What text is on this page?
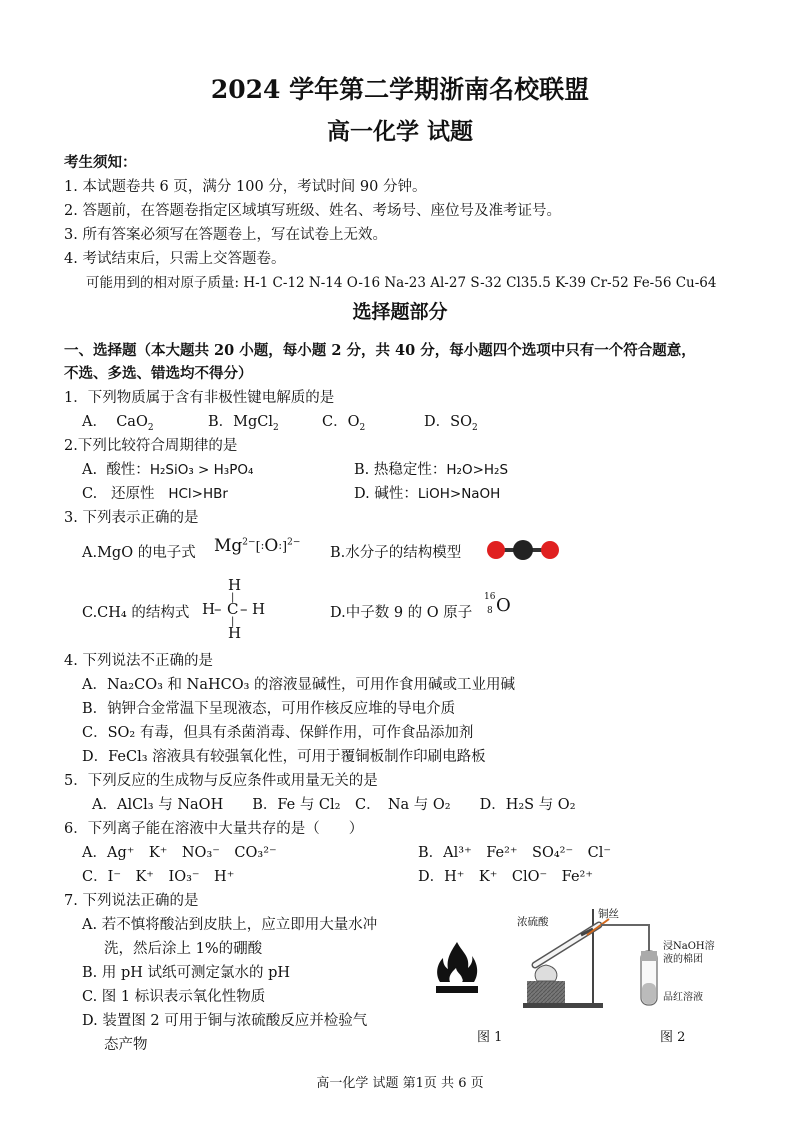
2024 学年第二学期浙南名校联盟
高一化学 试题
考生须知：
1. 本试题卷共 6 页，满分 100 分，考试时间 90 分钟。
2. 答题前，在答题卷指定区域填写班级、姓名、考场号、座位号及准考证号。
3. 所有答案必须写在答题卷上，写在试卷上无效。
4. 考试结束后，只需上交答题卷。
可能用到的相对原子质量: H-1 C-12 N-14 O-16 Na-23 Al-27 S-32 Cl35.5 K-39 Cr-52 Fe-56 Cu-64
选择题部分
一、选择题（本大题共 20 小题，每小题 2 分，共 40 分，每小题四个选项中只有一个符合题意，
不选、多选、错选均不得分）
1．下列物质属于含有非极性键电解质的是
A． CaO$_2$	B．MgCl$_2$	C．$O_2$	D．$SO_2$
2.下列比较符合周期律的是
A. 酸性：H₂SiO₃ > H₃PO₄	B. 热稳定性：H₂O>H₂S
C. 还原性 HCl>HBr	D. 碱性：LiOH>NaOH
3. 下列表示正确的是
A.MgO 的电子式 $Mg^{2-}[:O:]^{2-}$
B.水分子的结构模型
C.CH₄ 的结构式
H
|
H
– C – H
|
H
D.中子数 9 的 O 原子
16
8 O
4. 下列说法不正确的是
A．Na₂CO₃ 和 NaHCO₃ 的溶液显碱性，可用作食用碱或工业用碱
B．钠钾合金常温下呈现液态，可用作核反应堆的导电介质
C．SO₂ 有毒，但具有杀菌消毒、保鲜作用，可作食品添加剂
D．FeCl₃ 溶液具有较强氧化性，可用于覆铜板制作印刷电路板
5．下列反应的生成物与反应条件或用量无关的是
A．AlCl₃ 与 NaOH　　B．Fe 与 Cl₂　C．　Na 与 O₂　　D．H₂S 与 O₂
6．下列离子能在溶液中大量共存的是（　　）
A．Ag⁺　K⁺　NO₃⁻　CO₃²⁻	B．Al³⁺　Fe²⁺　SO₄²⁻　Cl⁻
C．I⁻　K⁺　IO₃⁻　H⁺	D．H⁺　K⁺　ClO⁻　Fe²⁺
7. 下列说法正确的是
A. 若不慎将酸沾到皮肤上，应立即用大量水冲
洗，然后涂上 1%的硼酸
B. 用 pH 试纸可测定氯水的 pH
C. 图 1 标识表示氧化性物质
D. 装置图 2 可用于铜与浓硫酸反应并检验气
态产物	图 1
浓硫酸
铜丝
浸NaOH溶
液的棉团
品红溶液
图 2
高一化学 试题 第1页 共 6 页
